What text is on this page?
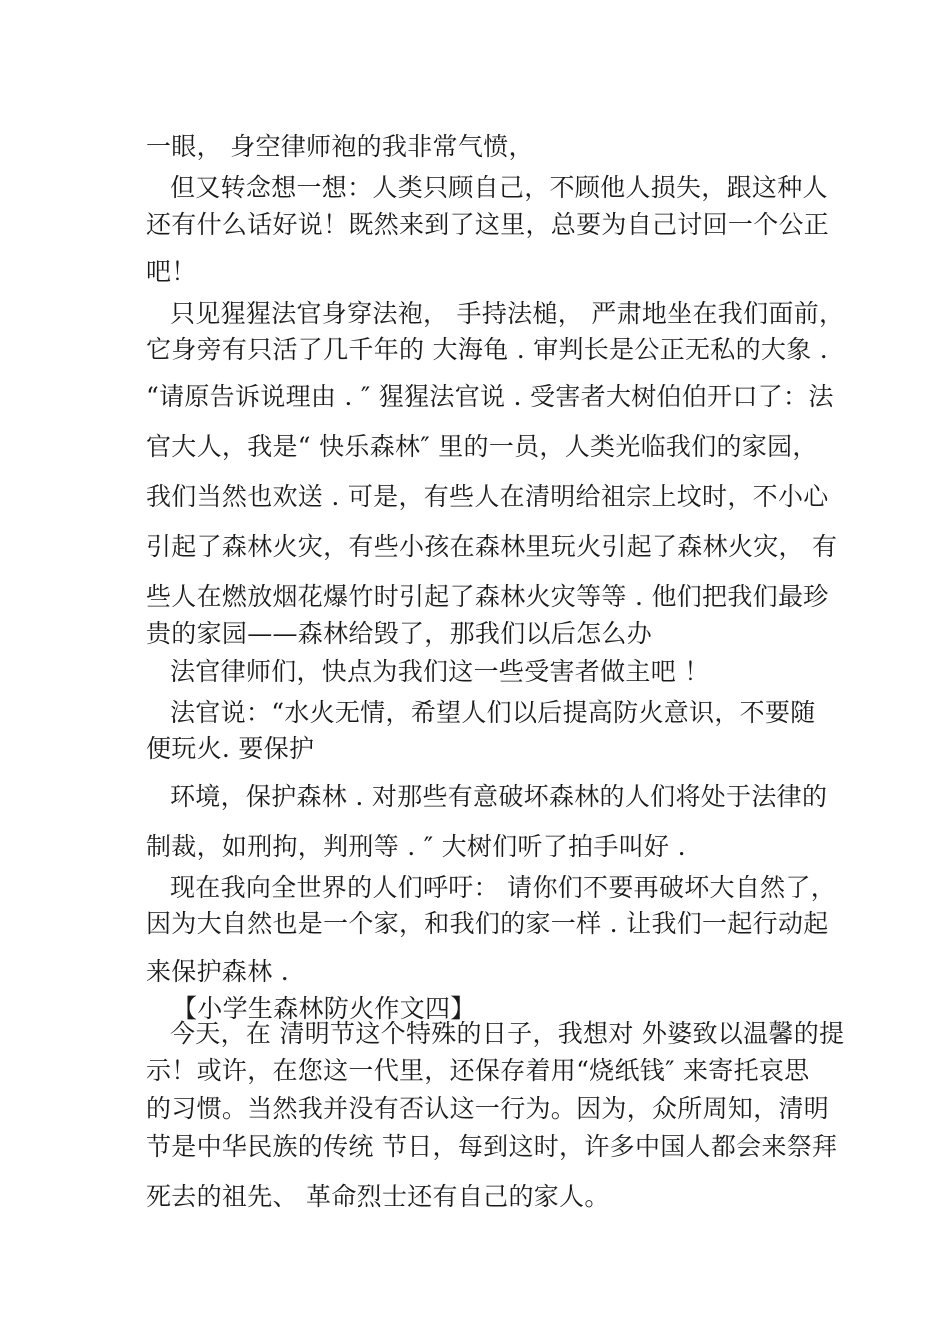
一眼， 身空律师袍的我非常气愤，
但又转念想一想：人类只顾自己，不顾他人损失，跟这种人
还有什么话好说！既然来到了这里，总要为自己讨回一个公正
吧！
只见猩猩法官身穿法袍， 手持法槌， 严肃地坐在我们面前，
它身旁有只活了几千年的 大海龟 . 审判长是公正无私的大象 .
“请原告诉说理由 . ″ 猩猩法官说 . 受害者大树伯伯开口了：法
官大人，我是“ 快乐森林″ 里的一员，人类光临我们的家园，
我们当然也欢送 . 可是，有些人在清明给祖宗上坟时，不小心
引起了森林火灾，有些小孩在森林里玩火引起了森林火灾， 有
些人在燃放烟花爆竹时引起了森林火灾等等 . 他们把我们最珍
贵的家园——森林给毁了，那我们以后怎么办
法官律师们，快点为我们这一些受害者做主吧 ！
法官说：“水火无情，希望人们以后提高防火意识，不要随
便玩火. 要保护
环境，保护森林 . 对那些有意破坏森林的人们将处于法律的
制裁，如刑拘，判刑等 . ″ 大树们听了拍手叫好 .
现在我向全世界的人们呼吁： 请你们不要再破坏大自然了，
因为大自然也是一个家，和我们的家一样 . 让我们一起行动起
来保护森林 .
【小学生森林防火作文四】
今天，在 清明节这个特殊的日子，我想对 外婆致以温馨的提
示！或许，在您这一代里，还保存着用“烧纸钱″ 来寄托哀思
的习惯。当然我并没有否认这一行为。因为，众所周知，清明
节是中华民族的传统 节日，每到这时，许多中国人都会来祭拜
死去的祖先、 革命烈士还有自己的家人。
